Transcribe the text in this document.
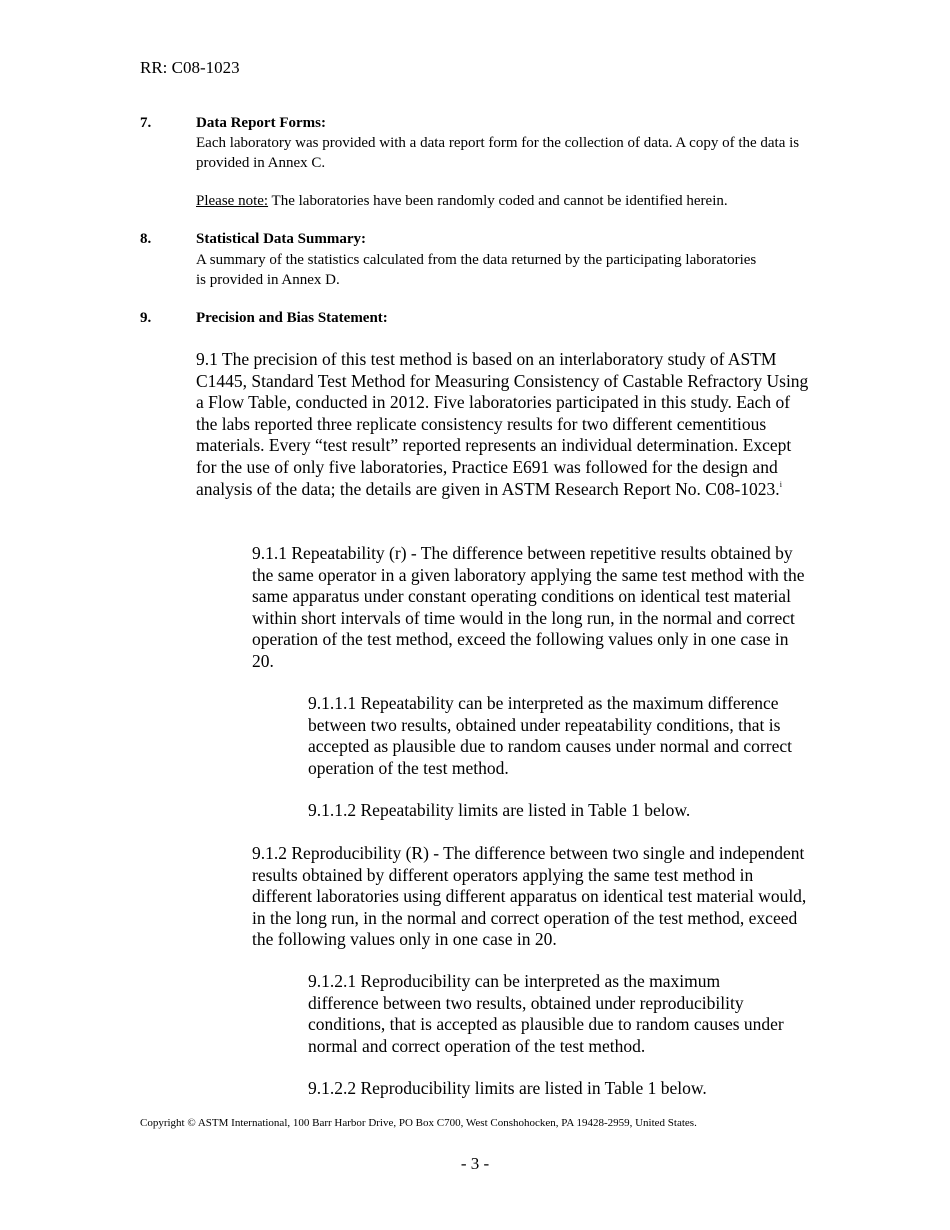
RR: C08-1023
7.	Data Report Forms:
Each laboratory was provided with a data report form for the collection of data. A copy of the data is provided in Annex C.
Please note: The laboratories have been randomly coded and cannot be identified herein.
8.	Statistical Data Summary:
A summary of the statistics calculated from the data returned by the participating laboratories is provided in Annex D.
9.	Precision and Bias Statement:
9.1 The precision of this test method is based on an interlaboratory study of ASTM C1445, Standard Test Method for Measuring Consistency of Castable Refractory Using a Flow Table, conducted in 2012. Five laboratories participated in this study. Each of the labs reported three replicate consistency results for two different cementitious materials. Every “test result” reported represents an individual determination. Except for the use of only five laboratories, Practice E691 was followed for the design and analysis of the data; the details are given in ASTM Research Report No. C08-1023.$^i$
9.1.1 Repeatability (r) - The difference between repetitive results obtained by the same operator in a given laboratory applying the same test method with the same apparatus under constant operating conditions on identical test material within short intervals of time would in the long run, in the normal and correct operation of the test method, exceed the following values only in one case in 20.
9.1.1.1 Repeatability can be interpreted as the maximum difference between two results, obtained under repeatability conditions, that is accepted as plausible due to random causes under normal and correct operation of the test method.
9.1.1.2 Repeatability limits are listed in Table 1 below.
9.1.2 Reproducibility (R) - The difference between two single and independent results obtained by different operators applying the same test method in different laboratories using different apparatus on identical test material would, in the long run, in the normal and correct operation of the test method, exceed the following values only in one case in 20.
9.1.2.1 Reproducibility can be interpreted as the maximum difference between two results, obtained under reproducibility conditions, that is accepted as plausible due to random causes under normal and correct operation of the test method.
9.1.2.2 Reproducibility limits are listed in Table 1 below.
Copyright © ASTM International, 100 Barr Harbor Drive, PO Box C700, West Conshohocken, PA 19428-2959, United States.
- 3 -
